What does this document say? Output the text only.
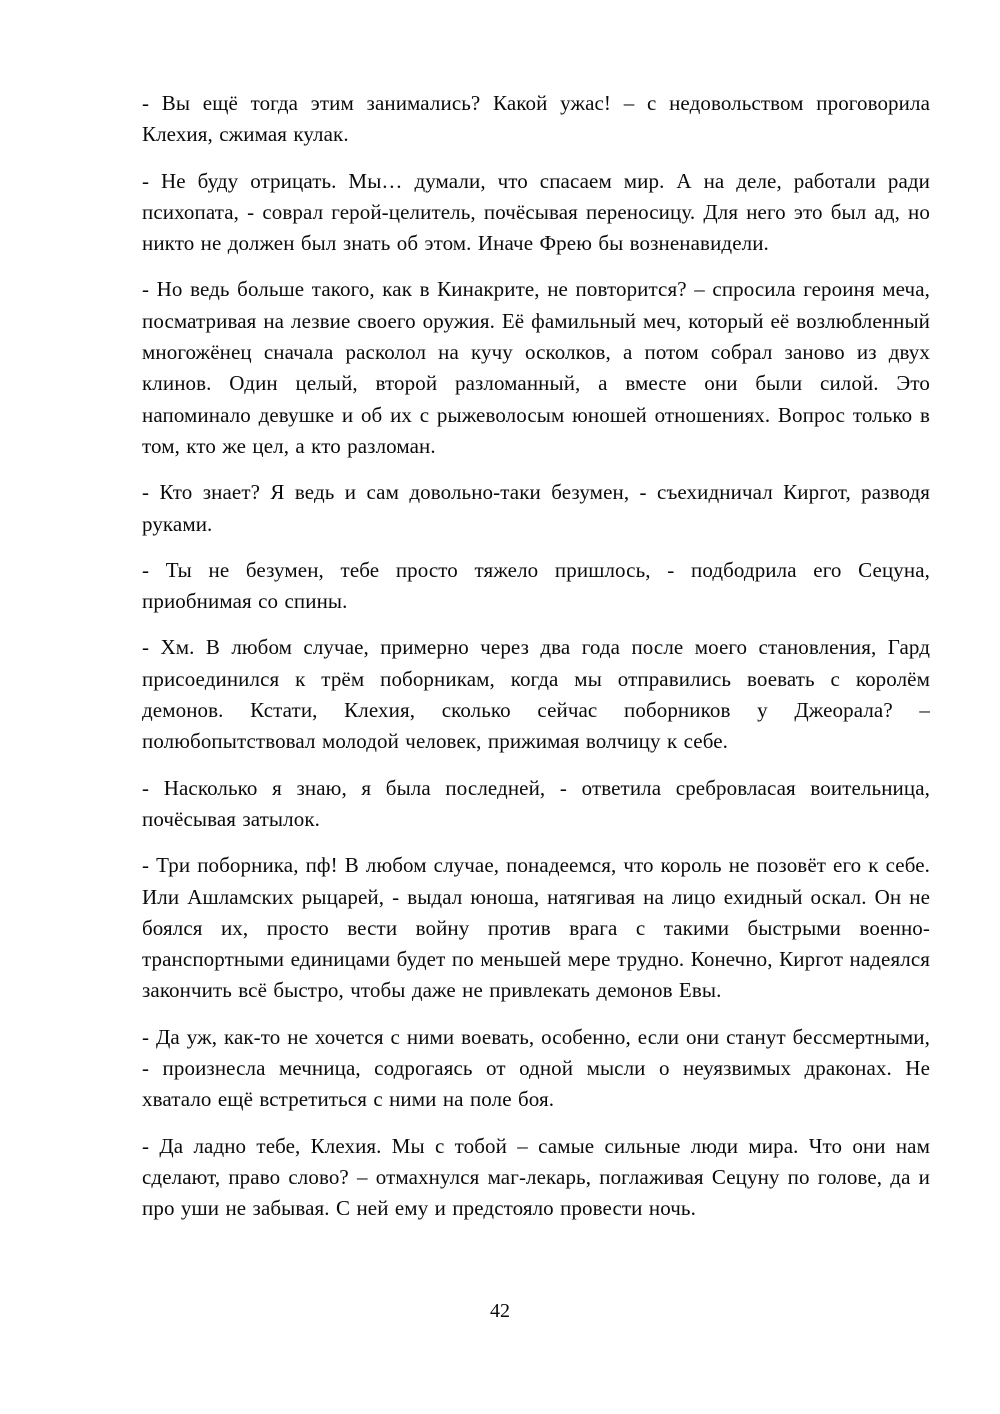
- Вы ещё тогда этим занимались? Какой ужас! – с недовольством проговорила Клехия, сжимая кулак.

- Не буду отрицать. Мы… думали, что спасаем мир. А на деле, работали ради психопата, - соврал герой-целитель, почёсывая переносицу. Для него это был ад, но никто не должен был знать об этом. Иначе Фрею бы возненавидели.

- Но ведь больше такого, как в Кинакрите, не повторится? – спросила героиня меча, посматривая на лезвие своего оружия. Её фамильный меч, который её возлюбленный многожёнец сначала расколол на кучу осколков, а потом собрал заново из двух клинов. Один целый, второй разломанный, а вместе они были силой. Это напоминало девушке и об их с рыжеволосым юношей отношениях. Вопрос только в том, кто же цел, а кто разломан.

- Кто знает? Я ведь и сам довольно-таки безумен, - съехидничал Киргот, разводя руками.

- Ты не безумен, тебе просто тяжело пришлось, - подбодрила его Сецуна, приобнимая со спины.

- Хм. В любом случае, примерно через два года после моего становления, Гард присоединился к трём поборникам, когда мы отправились воевать с королём демонов. Кстати, Клехия, сколько сейчас поборников у Джеорала? – полюбопытствовал молодой человек, прижимая волчицу к себе.

- Насколько я знаю, я была последней, - ответила сребровласая воительница, почёсывая затылок.

- Три поборника, пф! В любом случае, понадеемся, что король не позовёт его к себе. Или Ашламских рыцарей, - выдал юноша, натягивая на лицо ехидный оскал. Он не боялся их, просто вести войну против врага с такими быстрыми военно-транспортными единицами будет по меньшей мере трудно. Конечно, Киргот надеялся закончить всё быстро, чтобы даже не привлекать демонов Евы.

- Да уж, как-то не хочется с ними воевать, особенно, если они станут бессмертными, - произнесла мечница, содрогаясь от одной мысли о неуязвимых драконах. Не хватало ещё встретиться с ними на поле боя.

- Да ладно тебе, Клехия. Мы с тобой – самые сильные люди мира. Что они нам сделают, право слово? – отмахнулся маг-лекарь, поглаживая Сецуну по голове, да и про уши не забывая. С ней ему и предстояло провести ночь.

42
